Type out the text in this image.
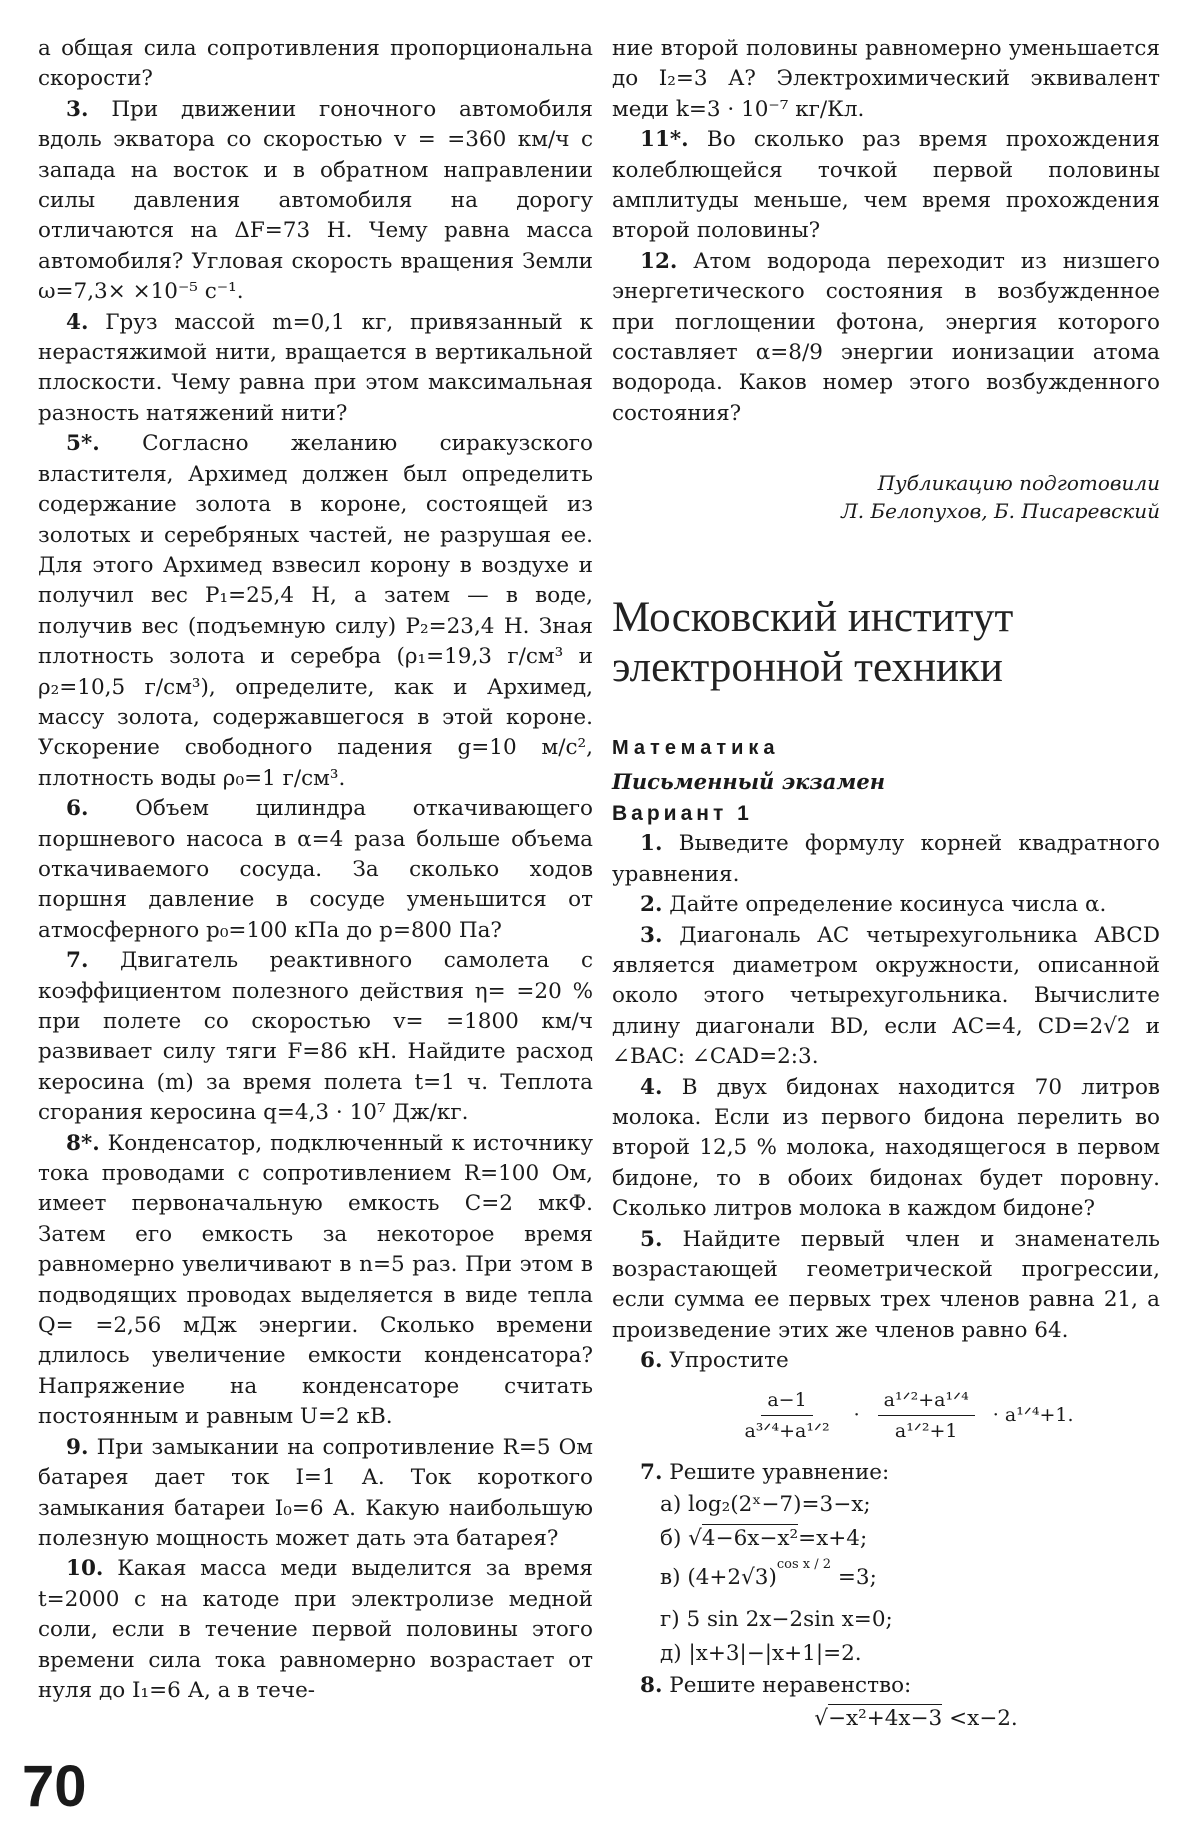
а общая сила сопротивления пропорциональна скорости?

3. При движении гоночного автомобиля вдоль экватора со скоростью v = =360 км/ч с запада на восток и в обратном направлении силы давления автомобиля на дорогу отличаются на ΔF=73 Н. Чему равна масса автомобиля? Угловая скорость вращения Земли ω=7,3× ×10⁻⁵ с⁻¹.

4. Груз массой m=0,1 кг, привязанный к нерастяжимой нити, вращается в вертикальной плоскости. Чему равна при этом максимальная разность натяжений нити?

5*. Согласно желанию сиракузского властителя, Архимед должен был определить содержание золота в короне, состоящей из золотых и серебряных частей, не разрушая ее. Для этого Архимед взвесил корону в воздухе и получил вес P₁=25,4 Н, а затем — в воде, получив вес (подъемную силу) P₂=23,4 Н. Зная плотность золота и серебра (ρ₁=19,3 г/см³ и ρ₂=10,5 г/см³), определите, как и Архимед, массу золота, содержавшегося в этой короне. Ускорение свободного падения g=10 м/с², плотность воды ρ₀=1 г/см³.

6. Объем цилиндра откачивающего поршневого насоса в α=4 раза больше объема откачиваемого сосуда. За сколько ходов поршня давление в сосуде уменьшится от атмосферного p₀=100 кПа до p=800 Па?

7. Двигатель реактивного самолета с коэффициентом полезного действия η= =20 % при полете со скоростью v= =1800 км/ч развивает силу тяги F=86 кН. Найдите расход керосина (m) за время полета t=1 ч. Теплота сгорания керосина q=4,3 · 10⁷ Дж/кг.

8*. Конденсатор, подключенный к источнику тока проводами с сопротивлением R=100 Ом, имеет первоначальную емкость C=2 мкФ. Затем его емкость за некоторое время равномерно увеличивают в n=5 раз. При этом в подводящих проводах выделяется в виде тепла Q= =2,56 мДж энергии. Сколько времени длилось увеличение емкости конденсатора? Напряжение на конденсаторе считать постоянным и равным U=2 кВ.

9. При замыкании на сопротивление R=5 Ом батарея дает ток I=1 А. Ток короткого замыкания батареи I₀=6 А. Какую наибольшую полезную мощность может дать эта батарея?

10. Какая масса меди выделится за время t=2000 с на катоде при электролизе медной соли, если в течение первой половины этого времени сила тока равномерно возрастает от нуля до I₁=6 А, а в тече-

ние второй половины равномерно уменьшается до I₂=3 А? Электрохимический эквивалент меди k=3 · 10⁻⁷ кг/Кл.

11*. Во сколько раз время прохождения колеблющейся точкой первой половины амплитуды меньше, чем время прохождения второй половины?

12. Атом водорода переходит из низшего энергетического состояния в возбужденное при поглощении фотона, энергия которого составляет α=8/9 энергии ионизации атома водорода. Каков номер этого возбужденного состояния?

Публикацию подготовили
Л. Белопухов, Б. Писаревский
Московский институт
электронной техники
Математика
Письменный экзамен
Вариант 1

1. Выведите формулу корней квадратного уравнения.

2. Дайте определение косинуса числа α.

3. Диагональ AC четырехугольника ABCD является диаметром окружности, описанной около этого четырехугольника. Вычислите длину диагонали BD, если AC=4, CD=2√2 и ∠BAC: ∠CAD=2:3.

4. В двух бидонах находится 70 литров молока. Если из первого бидона перелить во второй 12,5 % молока, находящегося в первом бидоне, то в обоих бидонах будет поровну. Сколько литров молока в каждом бидоне?

5. Найдите первый член и знаменатель возрастающей геометрической прогрессии, если сумма ее первых трех членов равна 21, а произведение этих же членов равно 64.

6. Упростите

$\frac{a-1}{\text{a³ᐟ⁴+a¹ᐟ²}} \cdot \frac{\text{a¹ᐟ²+a¹ᐟ⁴}}{\text{a¹ᐟ²+1}}$ · a¹ᐟ⁴+1.

7. Решите уравнение:

а) log₂(2ˣ−7)=3−x;
б) √4−6x−x²=x+4;
в) $(4+2√3)^{cos x / 2} =3$;
г) 5 sin 2x−2sin x=0;
д) |x+3|−|x+1|=2.

8. Решите неравенство:

√−x²+4x−3 <x−2.
70
